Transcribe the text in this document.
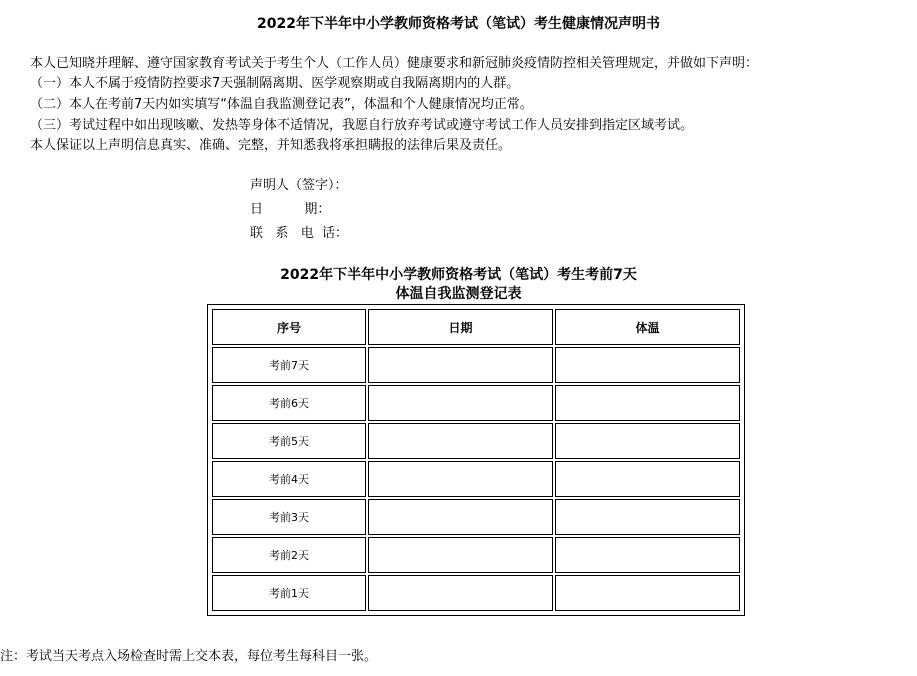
2022年下半年中小学教师资格考试（笔试）考生健康情况声明书
本人已知晓并理解、遵守国家教育考试关于考生个人（工作人员）健康要求和新冠肺炎疫情防控相关管理规定，并做如下声明：
（一）本人不属于疫情防控要求7天强制隔离期、医学观察期或自我隔离期内的人群。
（二）本人在考前7天内如实填写“体温自我监测登记表”，体温和个人健康情况均正常。
（三）考试过程中如出现咳嗽、发热等身体不适情况，我愿自行放弃考试或遵守考试工作人员安排到指定区域考试。
本人保证以上声明信息真实、准确、完整，并知悉我将承担瞒报的法律后果及责任。
声明人（签字）：
日          期：
联   系   电  话：
2022年下半年中小学教师资格考试（笔试）考生考前7天
体温自我监测登记表
序号	日期	体温
考前7天		
考前6天		
考前5天		
考前4天		
考前3天		
考前2天		
考前1天		
注：考试当天考点入场检查时需上交本表，每位考生每科目一张。
